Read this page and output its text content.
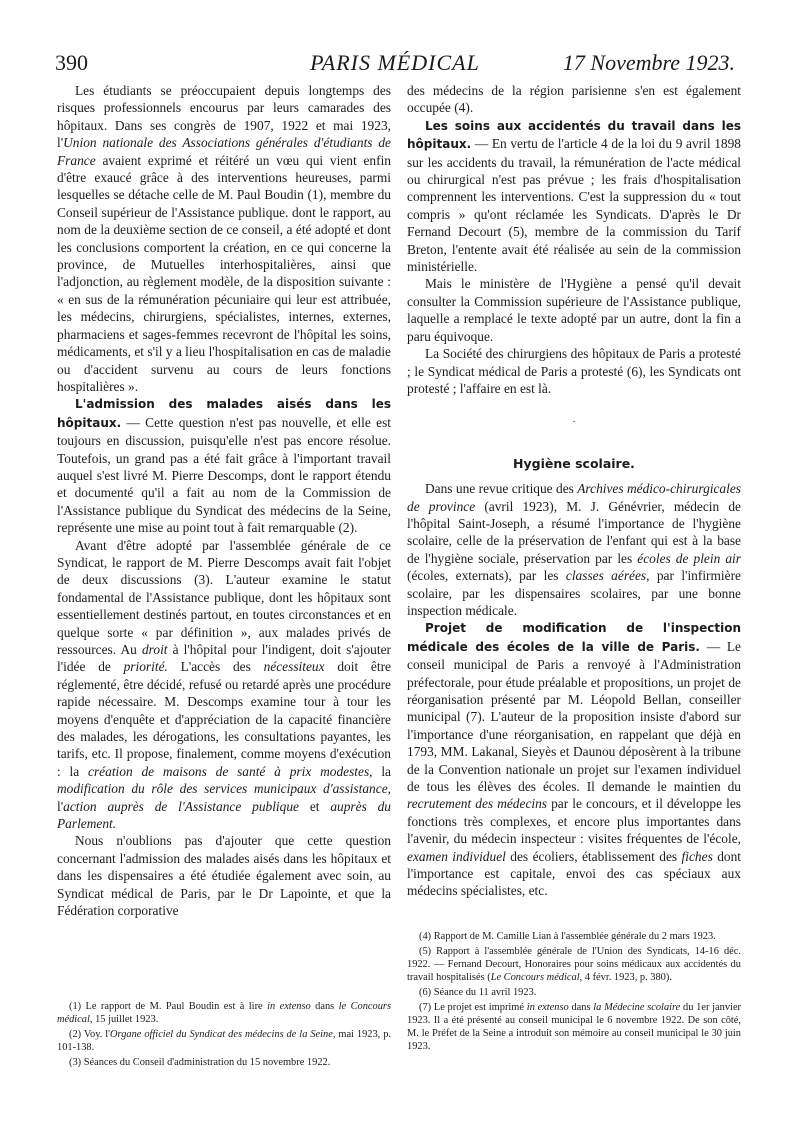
390	PARIS MÉDICAL	17 Novembre 1923.

Les étudiants se préoccupaient depuis longtemps des risques professionnels encourus par leurs camarades des hôpitaux. Dans ses congrès de 1907, 1922 et mai 1923, l'Union nationale des Associations générales d'étudiants de France avaient exprimé et réitéré un vœu qui vient enfin d'être exaucé grâce à des interventions heureuses, parmi lesquelles se détache celle de M. Paul Boudin (1), membre du Conseil supérieur de l'Assistance publique. dont le rapport, au nom de la deuxième section de ce conseil, a été adopté et dont les conclusions comportent la création, en ce qui concerne la province, de Mutuelles interhospitalières, ainsi que l'adjonction, au règlement modèle, de la disposition suivante : « en sus de la rémunération pécuniaire qui leur est attribuée, les médecins, chirurgiens, spécialistes, internes, externes, pharmaciens et sages-femmes recevront de l'hôpital les soins, médicaments, et s'il y a lieu l'hospitalisation en cas de maladie ou d'accident survenu au cours de leurs fonctions hospitalières ».

L'admission des malades aisés dans les hôpitaux. — Cette question n'est pas nouvelle, et elle est toujours en discussion, puisqu'elle n'est pas encore résolue. Toutefois, un grand pas a été fait grâce à l'important travail auquel s'est livré M. Pierre Descomps, dont le rapport étendu et documenté qu'il a fait au nom de la Commission de l'Assistance publique du Syndicat des médecins de la Seine, représente une mise au point tout à fait remarquable (2).

Avant d'être adopté par l'assemblée générale de ce Syndicat, le rapport de M. Pierre Descomps avait fait l'objet de deux discussions (3). L'auteur examine le statut fondamental de l'Assistance publique, dont les hôpitaux sont essentiellement destinés partout, en toutes circonstances et en quelque sorte « par définition », aux malades privés de ressources. Au droit à l'hôpital pour l'indigent, doit s'ajouter l'idée de priorité. L'accès des nécessiteux doit être réglementé, être décidé, refusé ou retardé après une procédure rapide nécessaire. M. Descomps examine tour à tour les moyens d'enquête et d'appréciation de la capacité financière des malades, les dérogations, les consultations payantes, les tarifs, etc. Il propose, finalement, comme moyens d'exécution : la création de maisons de santé à prix modestes, la modification du rôle des services municipaux d'assistance, l'action auprès de l'Assistance publique et auprès du Parlement.

Nous n'oublions pas d'ajouter que cette question concernant l'admission des malades aisés dans les hôpitaux et dans les dispensaires a été étudiée également avec soin, au Syndicat médical de Paris, par le Dr Lapointe, et que la Fédération corporative

(1) Le rapport de M. Paul Boudin est à lire in extenso dans le Concours médical, 15 juillet 1923.

(2) Voy. l'Organe officiel du Syndicat des médecins de la Seine, mai 1923, p. 101-138.

(3) Séances du Conseil d'administration du 15 novembre 1922.

des médecins de la région parisienne s'en est également occupée (4).

Les soins aux accidentés du travail dans les hôpitaux. — En vertu de l'article 4 de la loi du 9 avril 1898 sur les accidents du travail, la rémunération de l'acte médical ou chirurgical n'est pas prévue ; les frais d'hospitalisation comprennent les interventions. C'est la suppression du « tout compris » qu'ont réclamée les Syndicats. D'après le Dr Fernand Decourt (5), membre de la commission du Tarif Breton, l'entente avait été réalisée au sein de la commission ministérielle.

Mais le ministère de l'Hygiène a pensé qu'il devait consulter la Commission supérieure de l'Assistance publique, laquelle a remplacé le texte adopté par un autre, dont la fin a paru équivoque.

La Société des chirurgiens des hôpitaux de Paris a protesté ; le Syndicat médical de Paris a protesté (6), les Syndicats ont protesté ; l'affaire en est là.

.

Hygiène scolaire.

Dans une revue critique des Archives médico-chirurgicales de province (avril 1923), M. J. Génévrier, médecin de l'hôpital Saint-Joseph, a résumé l'importance de l'hygiène scolaire, celle de la préservation de l'enfant qui est à la base de l'hygiène sociale, préservation par les écoles de plein air (écoles, externats), par les classes aérées, par l'infirmière scolaire, par les dispensaires scolaires, par une bonne inspection médicale.

Projet de modification de l'inspection médicale des écoles de la ville de Paris. — Le conseil municipal de Paris a renvoyé à l'Administration préfectorale, pour étude préalable et propositions, un projet de réorganisation présenté par M. Léopold Bellan, conseiller municipal (7). L'auteur de la proposition insiste d'abord sur l'importance d'une réorganisation, en rappelant que déjà en 1793, MM. Lakanal, Sieyès et Daunou déposèrent à la tribune de la Convention nationale un projet sur l'examen individuel de tous les élèves des écoles. Il demande le maintien du recrutement des médecins par le concours, et il développe les fonctions très complexes, et encore plus importantes dans l'avenir, du médecin inspecteur : visites fréquentes de l'école, examen individuel des écoliers, établissement des fiches dont l'importance est capitale, envoi des cas spéciaux aux médecins spécialistes, etc.

(4) Rapport de M. Camille Lian à l'assemblée générale du 2 mars 1923.

(5) Rapport à l'assemblée générale de l'Union des Syndicats, 14-16 déc. 1922. — Fernand Decourt, Honoraires pour soins médicaux aux accidentés du travail hospitalisés (Le Concours médical, 4 févr. 1923, p. 380).

(6) Séance du 11 avril 1923.

(7) Le projet est imprimé in extenso dans la Médecine scolaire du 1er janvier 1923. Il a été présenté au conseil municipal le 6 novembre 1922. De son côté, M. le Préfet de la Seine a introduit son mémoire au conseil municipal le 30 juin 1923.
